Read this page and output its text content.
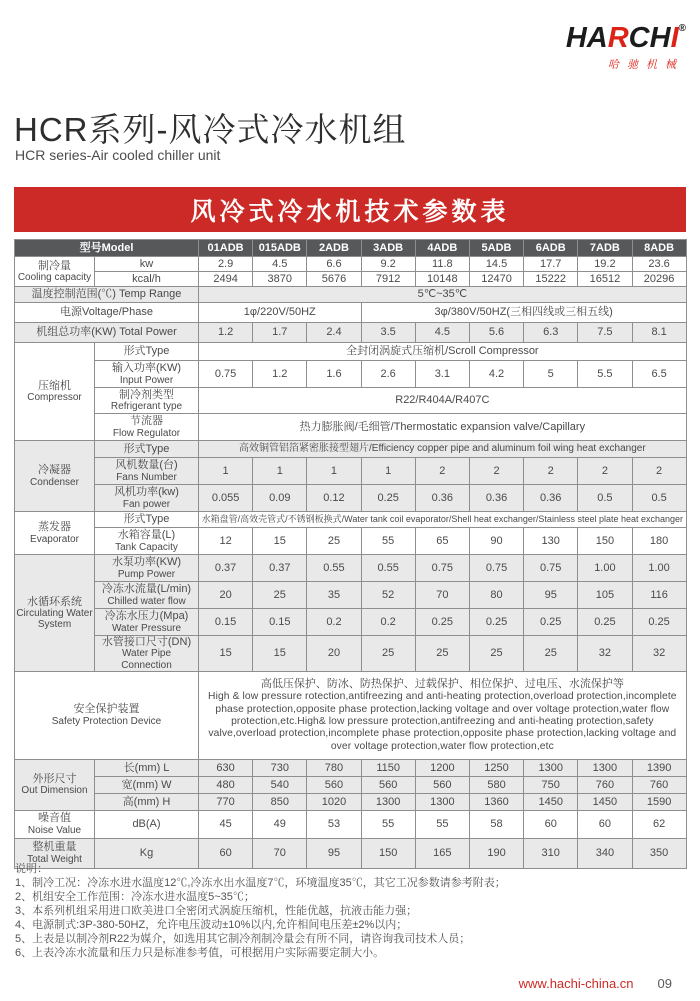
HARCHI®
哈驰机械
HCR系列-风冷式冷水机组
HCR series-Air cooled chiller unit
风冷式冷水机技术参数表
型号Model		01ADB	015ADB	2ADB	3ADB	4ADB	5ADB	6ADB	7ADB	8ADB

制冷量
Cooling capacity	kw	2.9	4.5	6.6	9.2	11.8	14.5	17.7	19.2	23.6
	kcal/h	2494	3870	5676	7912	10148	12470	15222	16512	20296
温度控制范围(℃) Temp Range		5℃~35℃								
电源Voltage/Phase		1φ/220V/50HZ			3φ/380V/50HZ(三相四线或三相五线)					
机组总功率(KW) Total Power		1.2	1.7	2.4	3.5	4.5	5.6	6.3	7.5	8.1

压缩机
Compressor	形式Type	全封闭涡旋式压缩机/Scroll Compressor								

	输入功率(KW)
Input Power	0.75	1.2	1.6	2.6	3.1	4.2	5	5.5	6.5

	制冷剂类型
Refrigerant type	R22/R404A/R407C								

	节流器
Flow Regulator	热力膨胀阀/毛细管/Thermostatic expansion valve/Capillary								

冷凝器
Condenser	形式Type	高效铜管铝箔紧密胀接型翅片/Efficiency copper pipe and aluminum foil wing heat exchanger								

	风机数量(台)
Fans Number	1	1	1	1	2	2	2	2	2

	风机功率(kw)
Fan power	0.055	0.09	0.12	0.25	0.36	0.36	0.36	0.5	0.5

蒸发器
Evaporator	形式Type	水箱盘管/高效壳管式/不锈钢板换式/Water tank coil evaporator/Shell heat exchanger/Stainless steel plate heat exchanger								

	水箱容量(L)
Tank Capacity	12	15	25	55	65	90	130	150	180

水循环系统
Circulating Water System

水泵功率(KW)
Pump Power
	0.37	0.37	0.55	0.55	0.75	0.75	0.75	1.00	1.00

	冷冻水流量(L/min)
Chilled water flow	20	25	35	52	70	80	95	105	116

	冷冻水压力(Mpa)
Water Pressure	0.15	0.15	0.2	0.2	0.25	0.25	0.25	0.25	0.25

	水管接口尺寸(DN)
Water Pipe Connection	15	15	20	25	25	25	25	32	32

安全保护装置
Safety Protection Device

高低压保护、防冰、防热保护、过载保护、相位保护、过电压、水流保护等
High & low pressure rotection,antifreezing and anti-heating protection,overload protection,incomplete phase protection,opposite phase protection,lacking voltage and over voltage protection,water flow protection,etc.High& low pressure protection,antifreezing and anti-heating protection,safety valve,overload protection,incomplete phase protection,opposite phase protection,lacking voltage and over voltage protection,water flow protection,etc

外形尺寸
Out Dimension	长(mm) L	630	730	780	1150	1200	1250	1300	1300	1390
	宽(mm) W	480	540	560	560	560	580	750	760	760
	高(mm) H	770	850	1020	1300	1300	1360	1450	1450	1590

噪音值
Noise Value	dB(A)	45	49	53	55	55	58	60	60	62

整机重量
Total Weight	Kg	60	70	95	150	165	190	310	340	350
说明：
1、制冷工况：冷冻水进水温度12℃,冷冻水出水温度7℃，环境温度35℃，其它工况参数请参考附表；
2、机组安全工作范围：冷冻水进水温度5~35℃；
3、本系列机组采用进口欧美进口全密闭式涡旋压缩机，性能优越，抗液击能力强；
4、电源制式:3P-380-50HZ，允许电压波动±10%以内,允许相间电压差±2%以内；
5、上表是以制冷剂R22为媒介，如选用其它制冷剂制冷量会有所不同，请咨询我司技术人员；
6、上表冷冻水流量和压力只是标准参考值，可根据用户实际需要定制大小。
www.hachi-china.cn 09
